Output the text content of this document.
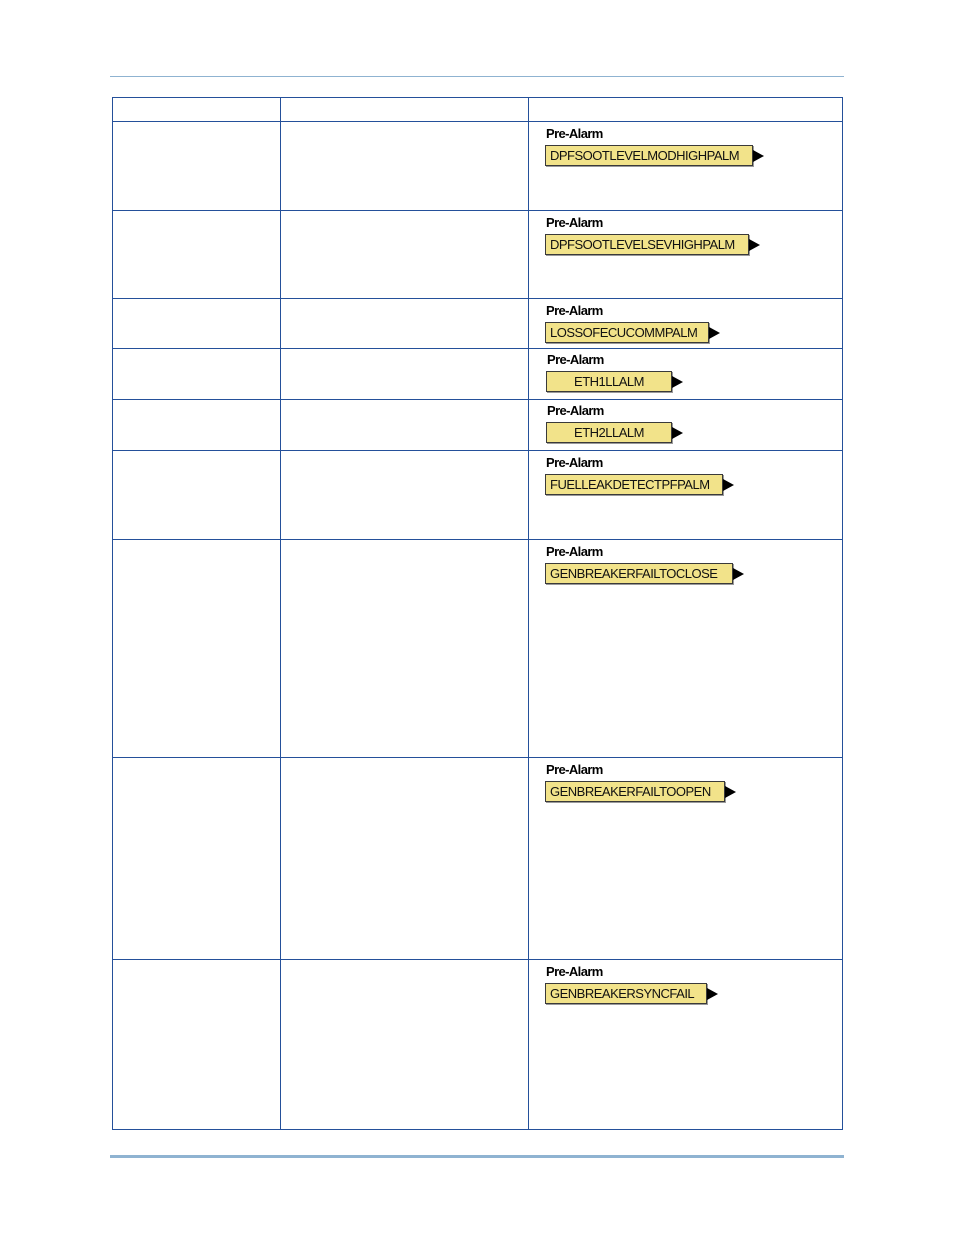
		Pre-Alarm
DPFSOOTLEVELMODHIGHPALM

		Pre-Alarm
DPFSOOTLEVELSEVHIGHPALM

		Pre-Alarm
LOSSOFECUCOMMPALM

		Pre-Alarm
ETH1LLALM

		Pre-Alarm
ETH2LLALM

		Pre-Alarm
FUELLEAKDETECTPFPALM

		Pre-Alarm
GENBREAKERFAILTOCLOSE

		Pre-Alarm
GENBREAKERFAILTOOPEN

		Pre-Alarm
GENBREAKERSYNCFAIL
